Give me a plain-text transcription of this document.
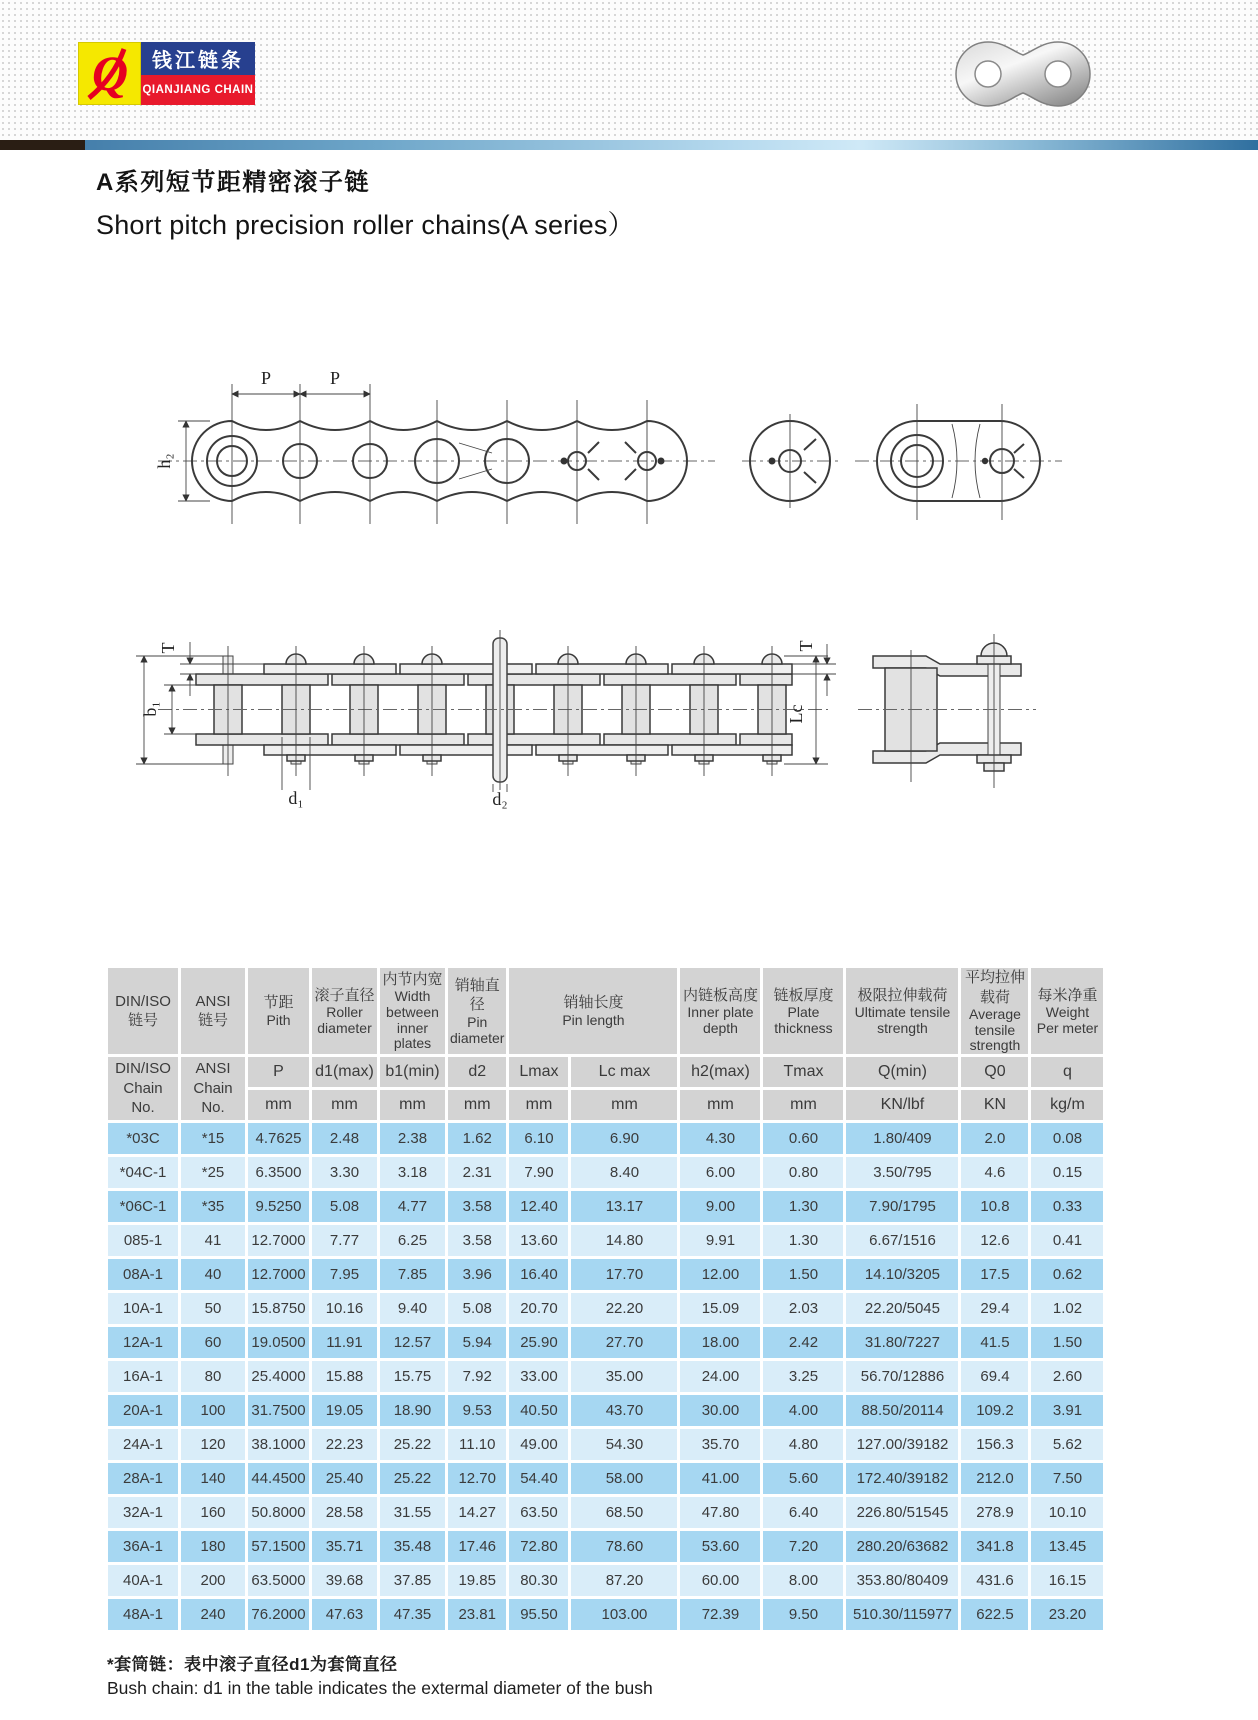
Q	钱江链条
QIANJIANG CHAIN
A系列短节距精密滚子链
Short pitch precision roller chains(A series）
P	P
h₂
T
b₁
d₁	d₂
T
Lc
DIN/ISO
链号

ANSI
链号

节距
Pith

滚子直径
Roller diameter

内节内宽
Width between inner plates

销轴直径
Pin diameter

销轴长度
Pin length

内链板高度
Inner plate depth

链板厚度
Plate thickness

极限拉伸载荷
Ultimate tensile strength

平均拉伸载荷
Average tensile strength

每米净重
Weight Per meter

DIN/ISO Chain No.	ANSI Chain No.	P	d1(max)	b1(min)	d2	Lmax	Lc max	h2(max)	Tmax	Q(min)	Q0	q

		mm	mm	mm	mm	mm	mm	mm	mm	KN/lbf	KN	kg/m

*03C	*15	4.7625	2.48	2.38	1.62	6.10	6.90	4.30	0.60	1.80/409	2.0	0.08
*04C-1	*25	6.3500	3.30	3.18	2.31	7.90	8.40	6.00	0.80	3.50/795	4.6	0.15
*06C-1	*35	9.5250	5.08	4.77	3.58	12.40	13.17	9.00	1.30	7.90/1795	10.8	0.33
085-1	41	12.7000	7.77	6.25	3.58	13.60	14.80	9.91	1.30	6.67/1516	12.6	0.41
08A-1	40	12.7000	7.95	7.85	3.96	16.40	17.70	12.00	1.50	14.10/3205	17.5	0.62
10A-1	50	15.8750	10.16	9.40	5.08	20.70	22.20	15.09	2.03	22.20/5045	29.4	1.02
12A-1	60	19.0500	11.91	12.57	5.94	25.90	27.70	18.00	2.42	31.80/7227	41.5	1.50
16A-1	80	25.4000	15.88	15.75	7.92	33.00	35.00	24.00	3.25	56.70/12886	69.4	2.60
20A-1	100	31.7500	19.05	18.90	9.53	40.50	43.70	30.00	4.00	88.50/20114	109.2	3.91
24A-1	120	38.1000	22.23	25.22	11.10	49.00	54.30	35.70	4.80	127.00/39182	156.3	5.62
28A-1	140	44.4500	25.40	25.22	12.70	54.40	58.00	41.00	5.60	172.40/39182	212.0	7.50
32A-1	160	50.8000	28.58	31.55	14.27	63.50	68.50	47.80	6.40	226.80/51545	278.9	10.10
36A-1	180	57.1500	35.71	35.48	17.46	72.80	78.60	53.60	7.20	280.20/63682	341.8	13.45
40A-1	200	63.5000	39.68	37.85	19.85	80.30	87.20	60.00	8.00	353.80/80409	431.6	16.15
48A-1	240	76.2000	47.63	47.35	23.81	95.50	103.00	72.39	9.50	510.30/115977	622.5	23.20
*套筒链：表中滚子直径d1为套筒直径
Bush chain: d1 in the table indicates the extermal diameter of the bush
